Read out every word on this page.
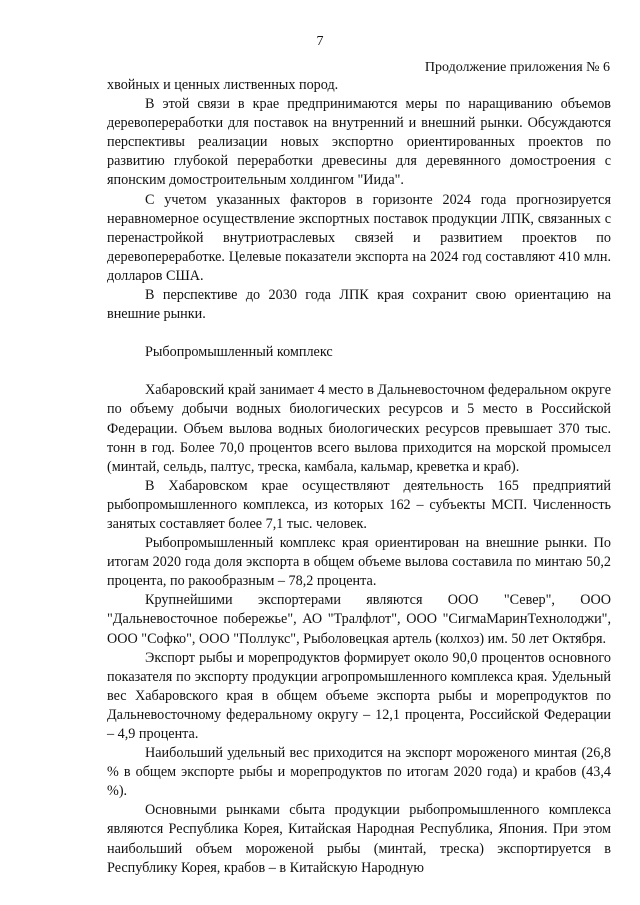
7
Продолжение приложения № 6

хвойных и ценных лиственных пород.

В этой связи в крае предпринимаются меры по наращиванию объемов деревопереработки для поставок на внутренний и внешний рынки. Обсуждаются перспективы реализации новых экспортно ориентированных проектов по развитию глубокой переработки древесины для деревянного домостроения с японским домостроительным холдингом "Иида".

С учетом указанных факторов в горизонте 2024 года прогнозируется неравномерное осуществление экспортных поставок продукции ЛПК, связанных с перенастройкой внутриотраслевых связей и развитием проектов по деревопереработке. Целевые показатели экспорта на 2024 год составляют 410 млн. долларов США.

В перспективе до 2030 года ЛПК края сохранит свою ориентацию на внешние рынки.

Рыбопромышленный комплекс

Хабаровский край занимает 4 место в Дальневосточном федеральном округе по объему добычи водных биологических ресурсов и 5 место в Российской Федерации. Объем вылова водных биологических ресурсов превышает 370 тыс. тонн в год. Более 70,0 процентов всего вылова приходится на морской промысел (минтай, сельдь, палтус, треска, камбала, кальмар, креветка и краб).

В Хабаровском крае осуществляют деятельность 165 предприятий рыбопромышленного комплекса, из которых 162 – субъекты МСП. Численность занятых составляет более 7,1 тыс. человек.

Рыбопромышленный комплекс края ориентирован на внешние рынки. По итогам 2020 года доля экспорта в общем объеме вылова составила по минтаю 50,2 процента, по ракообразным – 78,2 процента.

Крупнейшими экспортерами являются ООО "Север", ООО "Дальневосточное побережье", АО "Тралфлот", ООО "СигмаМаринТехнолоджи", ООО "Софко", ООО "Поллукс", Рыболовецкая артель (колхоз) им. 50 лет Октября.

Экспорт рыбы и морепродуктов формирует около 90,0 процентов основного показателя по экспорту продукции агропромышленного комплекса края. Удельный вес Хабаровского края в общем объеме экспорта рыбы и морепродуктов по Дальневосточному федеральному округу – 12,1 процента, Российской Федерации – 4,9 процента.

Наибольший удельный вес приходится на экспорт мороженого минтая (26,8 % в общем экспорте рыбы и морепродуктов по итогам 2020 года) и крабов (43,4 %).

Основными рынками сбыта продукции рыбопромышленного комплекса являются Республика Корея, Китайская Народная Республика, Япония. При этом наибольший объем мороженой рыбы (минтай, треска) экспортируется в Республику Корея, крабов – в Китайскую Народную
